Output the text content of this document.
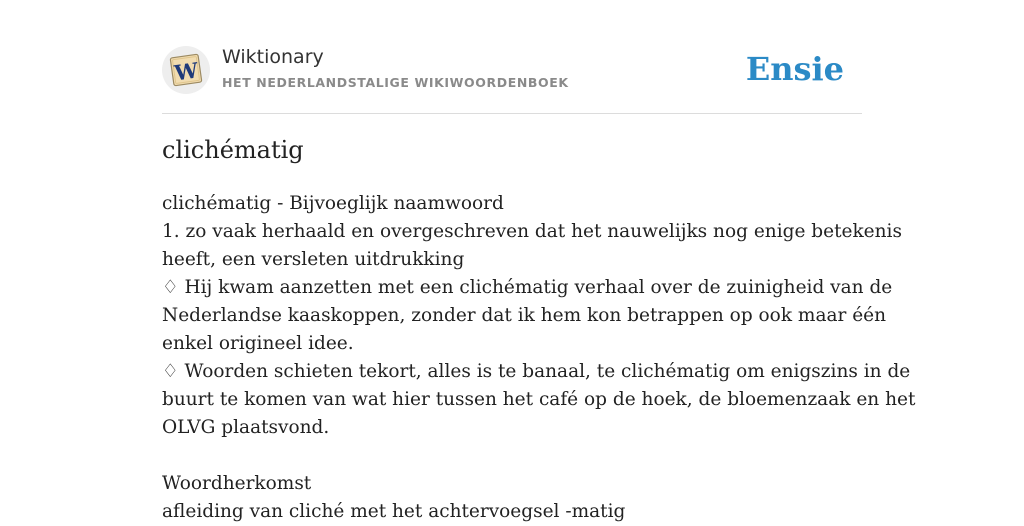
W
Wiktionary
HET NEDERLANDSTALIGE WIKIWOORDENBOEK	Ensie
clichématig
clichématig - Bijvoeglijk naamwoord
1. zo vaak herhaald en overgeschreven dat het nauwelijks nog enige betekenis
heeft, een versleten uitdrukking
♢ Hij kwam aanzetten met een clichématig verhaal over de zuinigheid van de
Nederlandse kaaskoppen, zonder dat ik hem kon betrappen op ook maar één
enkel origineel idee.
♢ Woorden schieten tekort, alles is te banaal, te clichématig om enigszins in de
buurt te komen van wat hier tussen het café op de hoek, de bloemenzaak en het
OLVG plaatsvond.
Woordherkomst
afleiding van cliché met het achtervoegsel -matig
